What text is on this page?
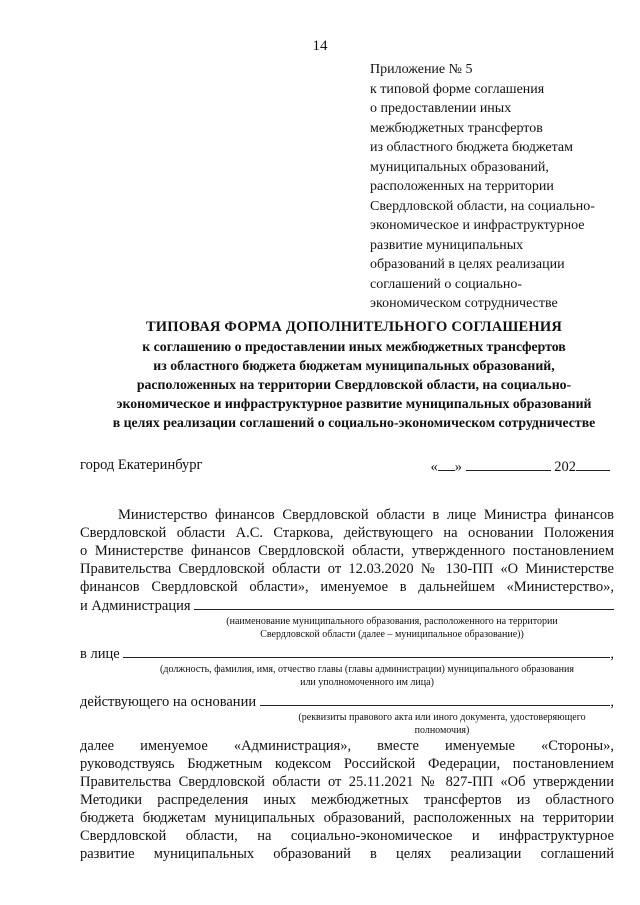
14
Приложение № 5
к типовой форме соглашения
о предоставлении иных
межбюджетных трансфертов
из областного бюджета бюджетам
муниципальных образований,
расположенных на территории
Свердловской области, на социально-
экономическое и инфраструктурное
развитие муниципальных
образований в целях реализации
соглашений о социально-
экономическом сотрудничестве
ТИПОВАЯ ФОРМА ДОПОЛНИТЕЛЬНОГО СОГЛАШЕНИЯ
к соглашению о предоставлении иных межбюджетных трансфертов
из областного бюджета бюджетам муниципальных образований,
расположенных на территории Свердловской области, на социально-
экономическое и инфраструктурное развитие муниципальных образований
в целях реализации соглашений о социально-экономическом сотрудничестве
город Екатеринбург	« »	202
Министерство финансов Свердловской области в лице Министра финансов
Свердловской области А.С. Старкова, действующего на основании Положения
о Министерстве финансов Свердловской области, утвержденного постановлением
Правительства Свердловской области от 12.03.2020 № 130-ПП «О Министерстве
финансов Свердловской области», именуемое в дальнейшем «Министерство»,
и Администрация

(наименование муниципального образования, расположенного на территории
Свердловской области (далее – муниципальное образование))
в лице
	,
(должность, фамилия, имя, отчество главы (главы администрации) муниципального образования
или уполномоченного им лица)
действующего на основании
	,
(реквизиты правового акта или иного документа, удостоверяющего
полномочия)
далее именуемое «Администрация», вместе именуемые «Стороны»,
руководствуясь Бюджетным кодексом Российской Федерации, постановлением
Правительства Свердловской области от 25.11.2021 № 827-ПП «Об утверждении
Методики распределения иных межбюджетных трансфертов из областного
бюджета бюджетам муниципальных образований, расположенных на территории
Свердловской области, на социально-экономическое и инфраструктурное
развитие муниципальных образований в целях реализации соглашений
